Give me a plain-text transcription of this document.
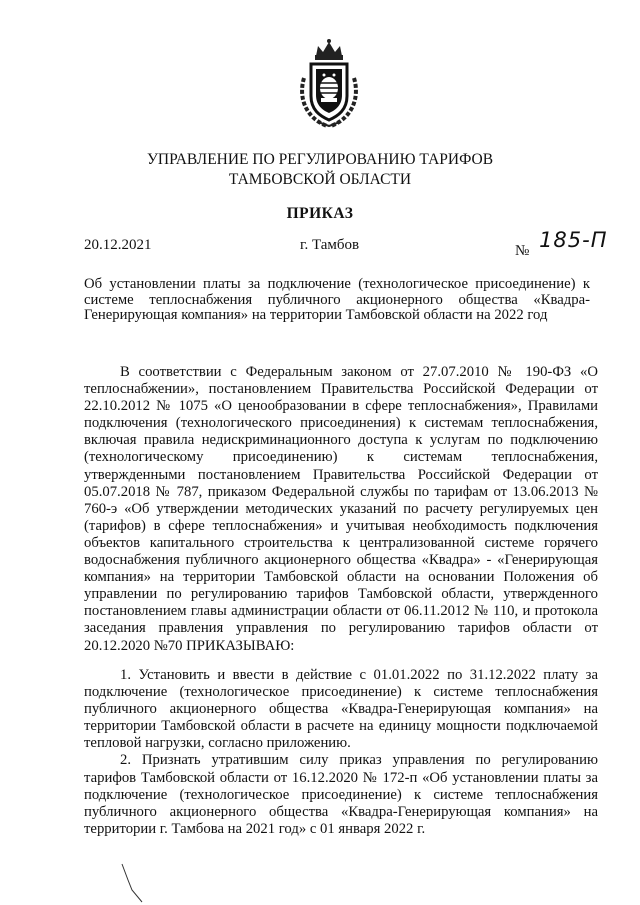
УПРАВЛЕНИЕ ПО РЕГУЛИРОВАНИЮ ТАРИФОВ
ТАМБОВСКОЙ ОБЛАСТИ
ПРИКАЗ
20.12.2021	г. Тамбов	№ 185-П
Об установлении платы за подключение (технологическое присоединение) к системе теплоснабжения публичного акционерного общества «Квадра-Генерирующая компания» на территории Тамбовской области на 2022 год

В соответствии с Федеральным законом от 27.07.2010 № 190-ФЗ «О теплоснабжении», постановлением Правительства Российской Федерации от 22.10.2012 № 1075 «О ценообразовании в сфере теплоснабжения», Правилами подключения (технологического присоединения) к системам теплоснабжения, включая правила недискриминационного доступа к услугам по подключению (технологическому присоединению) к системам теплоснабжения, утвержденными постановлением Правительства Российской Федерации от 05.07.2018 № 787, приказом Федеральной службы по тарифам от 13.06.2013 № 760-э «Об утверждении методических указаний по расчету регулируемых цен (тарифов) в сфере теплоснабжения» и учитывая необходимость подключения объектов капитального строительства к централизованной системе горячего водоснабжения публичного акционерного общества «Квадра» - «Генерирующая компания» на территории Тамбовской области на основании Положения об управлении по регулированию тарифов Тамбовской области, утвержденного постановлением главы администрации области от 06.11.2012 № 110, и протокола заседания правления управления по регулированию тарифов области от 20.12.2020 №70 ПРИКАЗЫВАЮ:

1. Установить и ввести в действие с 01.01.2022 по 31.12.2022 плату за подключение (технологическое присоединение) к системе теплоснабжения публичного акционерного общества «Квадра-Генерирующая компания» на территории Тамбовской области в расчете на единицу мощности подключаемой тепловой нагрузки, согласно приложению.

2. Признать утратившим силу приказ управления по регулированию тарифов Тамбовской области от 16.12.2020 № 172-п «Об установлении платы за подключение (технологическое присоединение) к системе теплоснабжения публичного акционерного общества «Квадра-Генерирующая компания» на территории г. Тамбова на 2021 год» с 01 января 2022 г.
